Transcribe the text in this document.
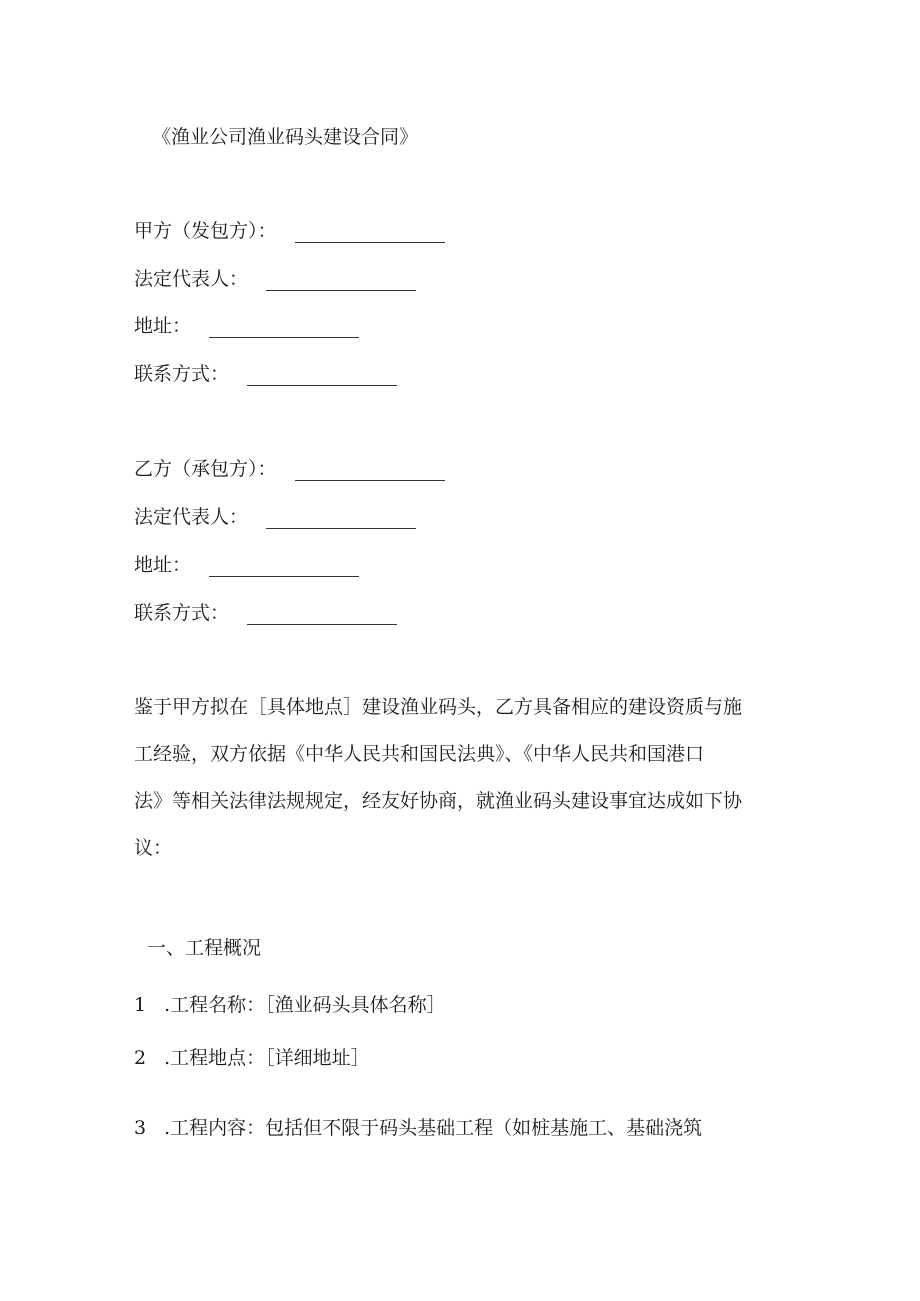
《渔业公司渔业码头建设合同》
甲方（发包方）：
法定代表人：
地址：
联系方式：
乙方（承包方）：
法定代表人：
地址：
联系方式：

鉴于甲方拟在［具体地点］建设渔业码头，乙方具备相应的建设资质与施

工经验，双方依据《中华人民共和国民法典》、《中华人民共和国港口

法》等相关法律法规规定，经友好协商，就渔业码头建设事宜达成如下协

议：

一、工程概况
1 .工程名称：［渔业码头具体名称］
2 .工程地点：［详细地址］
3 .工程内容：包括但不限于码头基础工程（如桩基施工、基础浇筑
